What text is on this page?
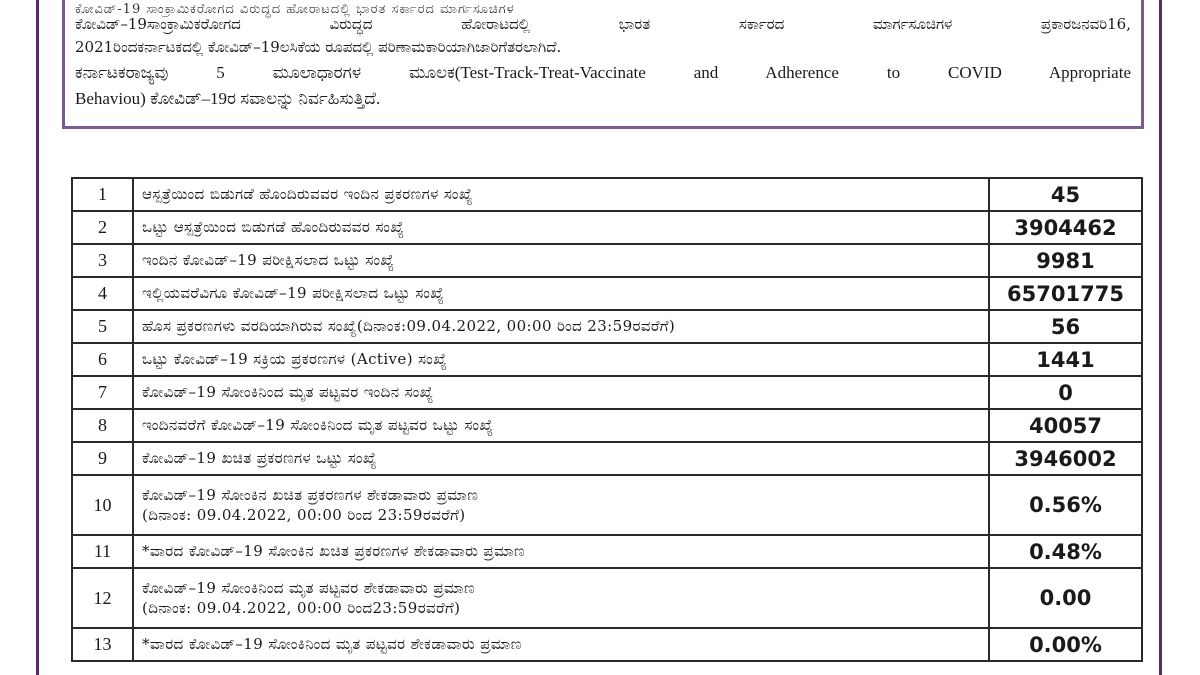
ಕೋವಿಡ್-19 ಸಾಂಕ್ರಾಮಿಕರೋಗದ ವಿರುದ್ಧದ ಹೋರಾಟದಲ್ಲಿ ಭಾರತ ಸರ್ಕಾರದ ಮಾರ್ಗಸೂಚಿಗಳ

ಕೋವಿಡ್–19ಸಾಂಕ್ರಾಮಿಕರೋಗದ ವಿರುದ್ಧದ ಹೋರಾಟದಲ್ಲಿ ಭಾರತ ಸರ್ಕಾರದ ಮಾರ್ಗಸೂಚಿಗಳ ಪ್ರಕಾರಜನವರಿ16,

2021ರಿಂದಕರ್ನಾಟಕದಲ್ಲಿ ಕೋವಿಡ್–19ಲಸಿಕೆಯ ರೂಪದಲ್ಲಿ ಪರಿಣಾಮಕಾರಿಯಾಗಿಜಾರಿಗೆತರಲಾಗಿದೆ.

ಕರ್ನಾಟಕರಾಜ್ಯವು 5 ಮೂಲಾಧಾರಗಳ ಮೂಲಕ(Test-Track-Treat-Vaccinate and Adherence to COVID Appropriate

Behaviou) ಕೋವಿಡ್–19ರ ಸವಾಲನ್ನು ನಿರ್ವಹಿಸುತ್ತಿದೆ.

1	ಆಸ್ಪತ್ರೆಯಿಂದ ಬಿಡುಗಡೆ ಹೊಂದಿರುವವರ ಇಂದಿನ ಪ್ರಕರಣಗಳ ಸಂಖ್ಯೆ	45
2	ಒಟ್ಟು ಆಸ್ಪತ್ರೆಯಿಂದ ಬಿಡುಗಡೆ ಹೊಂದಿರುವವರ ಸಂಖ್ಯೆ	3904462
3	ಇಂದಿನ ಕೋವಿಡ್–19 ಪರೀಕ್ಷಿಸಲಾದ ಒಟ್ಟು ಸಂಖ್ಯೆ	9981
4	ಇಲ್ಲಿಯವರೆವಿಗೂ ಕೋವಿಡ್–19 ಪರೀಕ್ಷಿಸಲಾದ ಒಟ್ಟು ಸಂಖ್ಯೆ	65701775
5	ಹೊಸ ಪ್ರಕರಣಗಳು ವರದಿಯಾಗಿರುವ ಸಂಖ್ಯೆ(ದಿನಾಂಕ:09.04.2022, 00:00 ರಿಂದ 23:59ರವರೆಗೆ)	56
6	ಒಟ್ಟು ಕೋವಿಡ್–19 ಸಕ್ರಿಯ ಪ್ರಕರಣಗಳ (Active) ಸಂಖ್ಯೆ	1441
7	ಕೋವಿಡ್–19 ಸೋಂಕಿನಿಂದ ಮೃತ ಪಟ್ಟವರ ಇಂದಿನ ಸಂಖ್ಯೆ	0
8	ಇಂದಿನವರೆಗೆ ಕೋವಿಡ್–19 ಸೋಂಕಿನಿಂದ ಮೃತ ಪಟ್ಟವರ ಒಟ್ಟು ಸಂಖ್ಯೆ	40057
9	ಕೋವಿಡ್–19 ಖಚಿತ ಪ್ರಕರಣಗಳ ಒಟ್ಟು ಸಂಖ್ಯೆ	3946002
10	ಕೋವಿಡ್–19 ಸೋಂಕಿನ ಖಚಿತ ಪ್ರಕರಣಗಳ ಶೇಕಡಾವಾರು ಪ್ರಮಾಣ
(ದಿನಾಂಕ: 09.04.2022, 00:00 ರಿಂದ 23:59ರವರೆಗೆ)	0.56%
11	*ವಾರದ ಕೋವಿಡ್–19 ಸೋಂಕಿನ ಖಚಿತ ಪ್ರಕರಣಗಳ ಶೇಕಡಾವಾರು ಪ್ರಮಾಣ	0.48%
12	ಕೋವಿಡ್–19 ಸೋಂಕಿನಿಂದ ಮೃತ ಪಟ್ಟವರ ಶೇಕಡಾವಾರು ಪ್ರಮಾಣ
(ದಿನಾಂಕ: 09.04.2022, 00:00 ರಿಂದ23:59ರವರೆಗೆ)	0.00
13	*ವಾರದ ಕೋವಿಡ್–19 ಸೋಂಕಿನಿಂದ ಮೃತ ಪಟ್ಟವರ ಶೇಕಡಾವಾರು ಪ್ರಮಾಣ	0.00%
